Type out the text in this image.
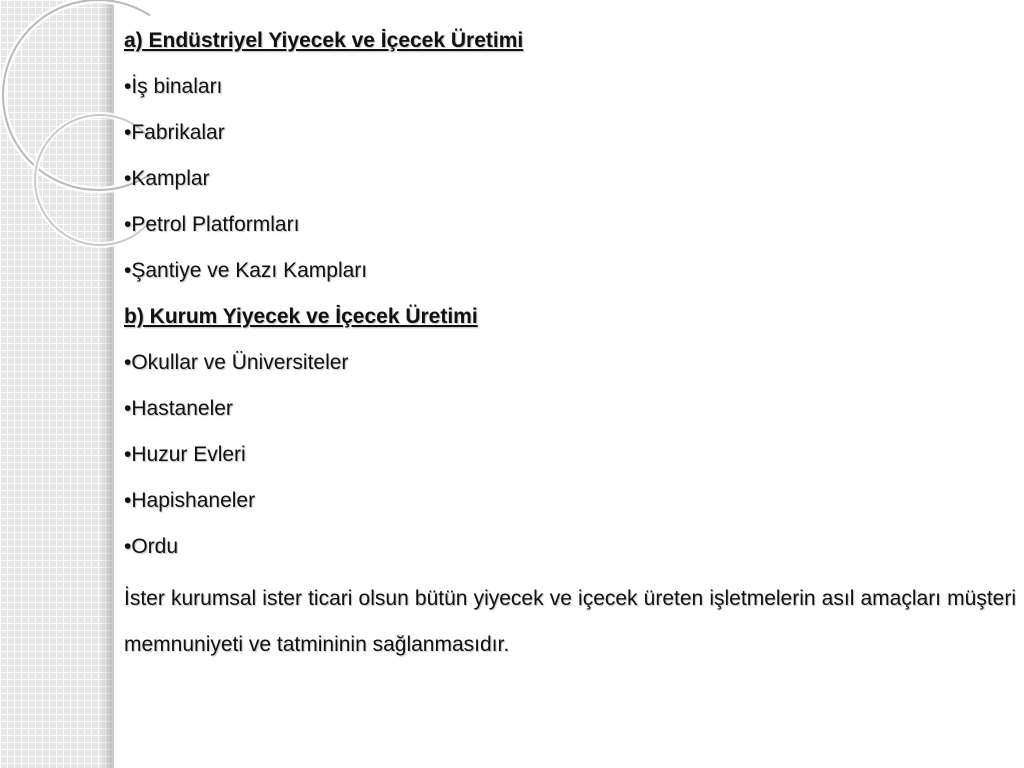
a) Endüstriyel Yiyecek ve İçecek Üretimi
•İş binaları
•Fabrikalar
•Kamplar
•Petrol Platformları
•Şantiye ve Kazı Kampları
b) Kurum Yiyecek ve İçecek Üretimi
•Okullar ve Üniversiteler
•Hastaneler
•Huzur Evleri
•Hapishaneler
•Ordu
İster kurumsal ister ticari olsun bütün yiyecek ve içecek üreten işletmelerin asıl amaçları müşteri memnuniyeti ve tatmininin sağlanmasıdır.
